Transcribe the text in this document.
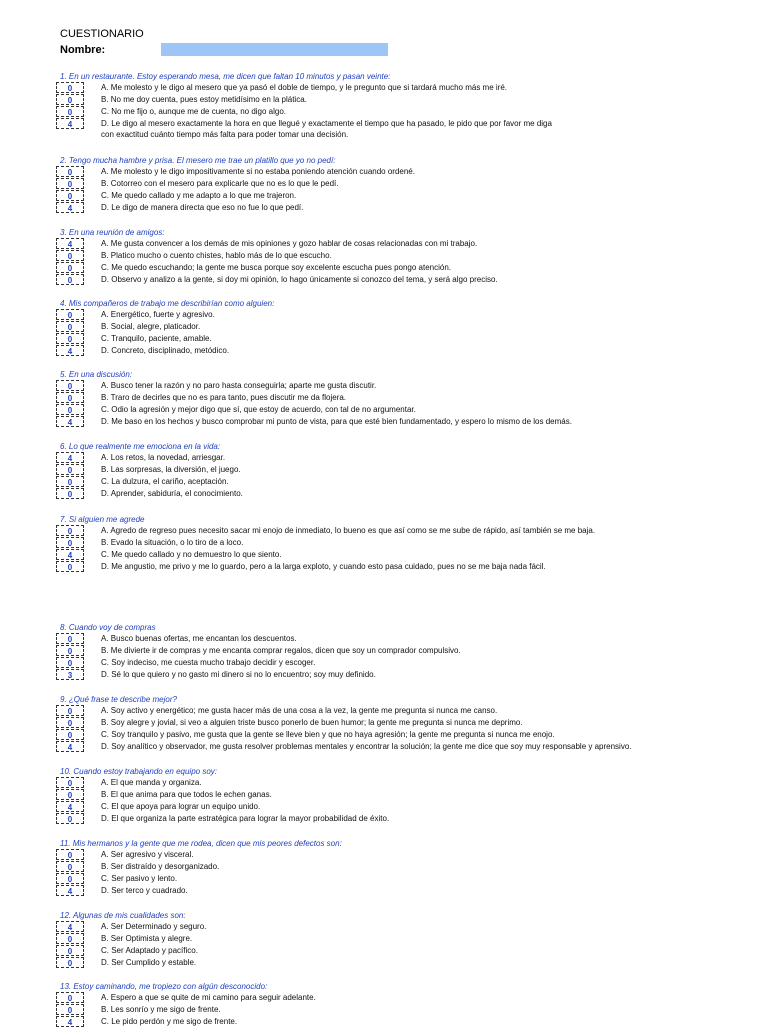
CUESTIONARIO
Nombre:
1. En un restaurante. Estoy esperando mesa, me dicen que faltan 10 minutos y pasan veinte:
0	A. Me molesto y le digo al mesero que ya pasó el doble de tiempo, y le pregunto que si tardará mucho más me iré.
0	B. No me doy cuenta, pues estoy metidísimo en la plática.
0	C. No me fijo o, aunque me de cuenta, no digo algo.
4	D. Le digo al mesero exactamente la hora en que llegué y exactamente el tiempo que ha pasado, le pido que por favor me diga
con exactitud cuánto tiempo más falta para poder tomar una decisión.
2. Tengo mucha hambre y prisa. El mesero me trae un platillo que yo no pedí:
0	A. Me molesto y le digo impositivamente si no estaba poniendo atención cuando ordené.
0	B. Cotorreo con el mesero para explicarle que no es lo que le pedí.
0	C. Me quedo callado y me adapto a lo que me trajeron.
4	D. Le digo de manera directa que eso no fue lo que pedí.
3. En una reunión de amigos:
4	A. Me gusta convencer a los demás de mis opiniones y gozo hablar de cosas relacionadas con mi trabajo.
0	B. Platico mucho o cuento chistes, hablo más de lo que escucho.
0	C. Me quedo escuchando; la gente me busca porque soy excelente escucha pues pongo atención.
0	D. Observo y analizo a la gente, si doy mi opinión, lo hago únicamente si conozco del tema, y será algo preciso.
4. Mis compañeros de trabajo me describirían como alguien:
0	A. Energético, fuerte y agresivo.
0	B. Social, alegre, platicador.
0	C. Tranquilo, paciente, amable.
4	D. Concreto, disciplinado, metódico.
5. En una discusión:
0	A. Busco tener la razón y no paro hasta conseguirla; aparte me gusta discutir.
0	B. Traro de decirles que no es para tanto, pues discutir me da flojera.
0	C. Odio la agresión y mejor digo que sí, que estoy de acuerdo, con tal de no argumentar.
4	D. Me baso en los hechos y busco comprobar mi punto de vista, para que esté bien fundamentado, y espero lo mismo de los demás.
6. Lo que realmente me emociona en la vida:
4	A. Los retos, la novedad, arriesgar.
0	B. Las sorpresas, la diversión, el juego.
0	C. La dulzura, el cariño, aceptación.
0	D. Aprender, sabiduría, el conocimiento.
7. Si alguien me agrede
0	A. Agredo de regreso pues necesito sacar mi enojo de inmediato, lo bueno es que así como se me sube de rápido, así también se me baja.
0	B. Evado la situación, o lo tiro de a loco.
4	C. Me quedo callado y no demuestro lo que siento.
0	D. Me angustio, me privo y me lo guardo, pero a la larga exploto, y cuando esto pasa cuidado, pues no se me baja nada fácil.
8. Cuando voy de compras
0	A. Busco buenas ofertas, me encantan los descuentos.
0	B. Me divierte ir de compras y me encanta comprar regalos, dicen que soy un comprador compulsivo.
0	C. Soy indeciso, me cuesta mucho trabajo decidir y escoger.
3	D. Sé lo que quiero y no gasto mi dinero si no lo encuentro; soy muy definido.
9. ¿Qué frase te describe mejor?
0	A. Soy activo y energético; me gusta hacer más de una cosa a la vez, la gente me pregunta si nunca me canso.
0	B. Soy alegre y jovial, si veo a alguien triste busco ponerlo de buen humor; la gente me pregunta si nunca me deprimo.
0	C. Soy tranquilo y pasivo, me gusta que la gente se lleve bien y que no haya agresión; la gente me pregunta si nunca me enojo.
4	D. Soy analítico y observador, me gusta resolver problemas mentales y encontrar la solución; la gente me dice que soy muy responsable y aprensivo.
10. Cuando estoy trabajando en equipo soy:
0	A. El que manda y organiza.
0	B. El que anima para que todos le echen ganas.
4	C. El que apoya para lograr un equipo unido.
0	D. El que organiza la parte estratégica para lograr la mayor probabilidad de éxito.
11. Mis hermanos y la gente que me rodea, dicen que mis peores defectos son:
0	A. Ser agresivo y visceral.
0	B. Ser distraído y desorganizado.
0	C. Ser pasivo y lento.
4	D. Ser terco y cuadrado.
12. Algunas de mis cualidades son:
4	A. Ser Determinado y seguro.
0	B. Ser Optimista y alegre.
0	C. Ser Adaptado y pacífico.
0	D. Ser Cumplido y estable.
13. Estoy caminando, me tropiezo con algún desconocido:
0	A. Espero a que se quite de mi camino para seguir adelante.
0	B. Les sonrío y me sigo de frente.
4	C. Le pido perdón y me sigo de frente.
